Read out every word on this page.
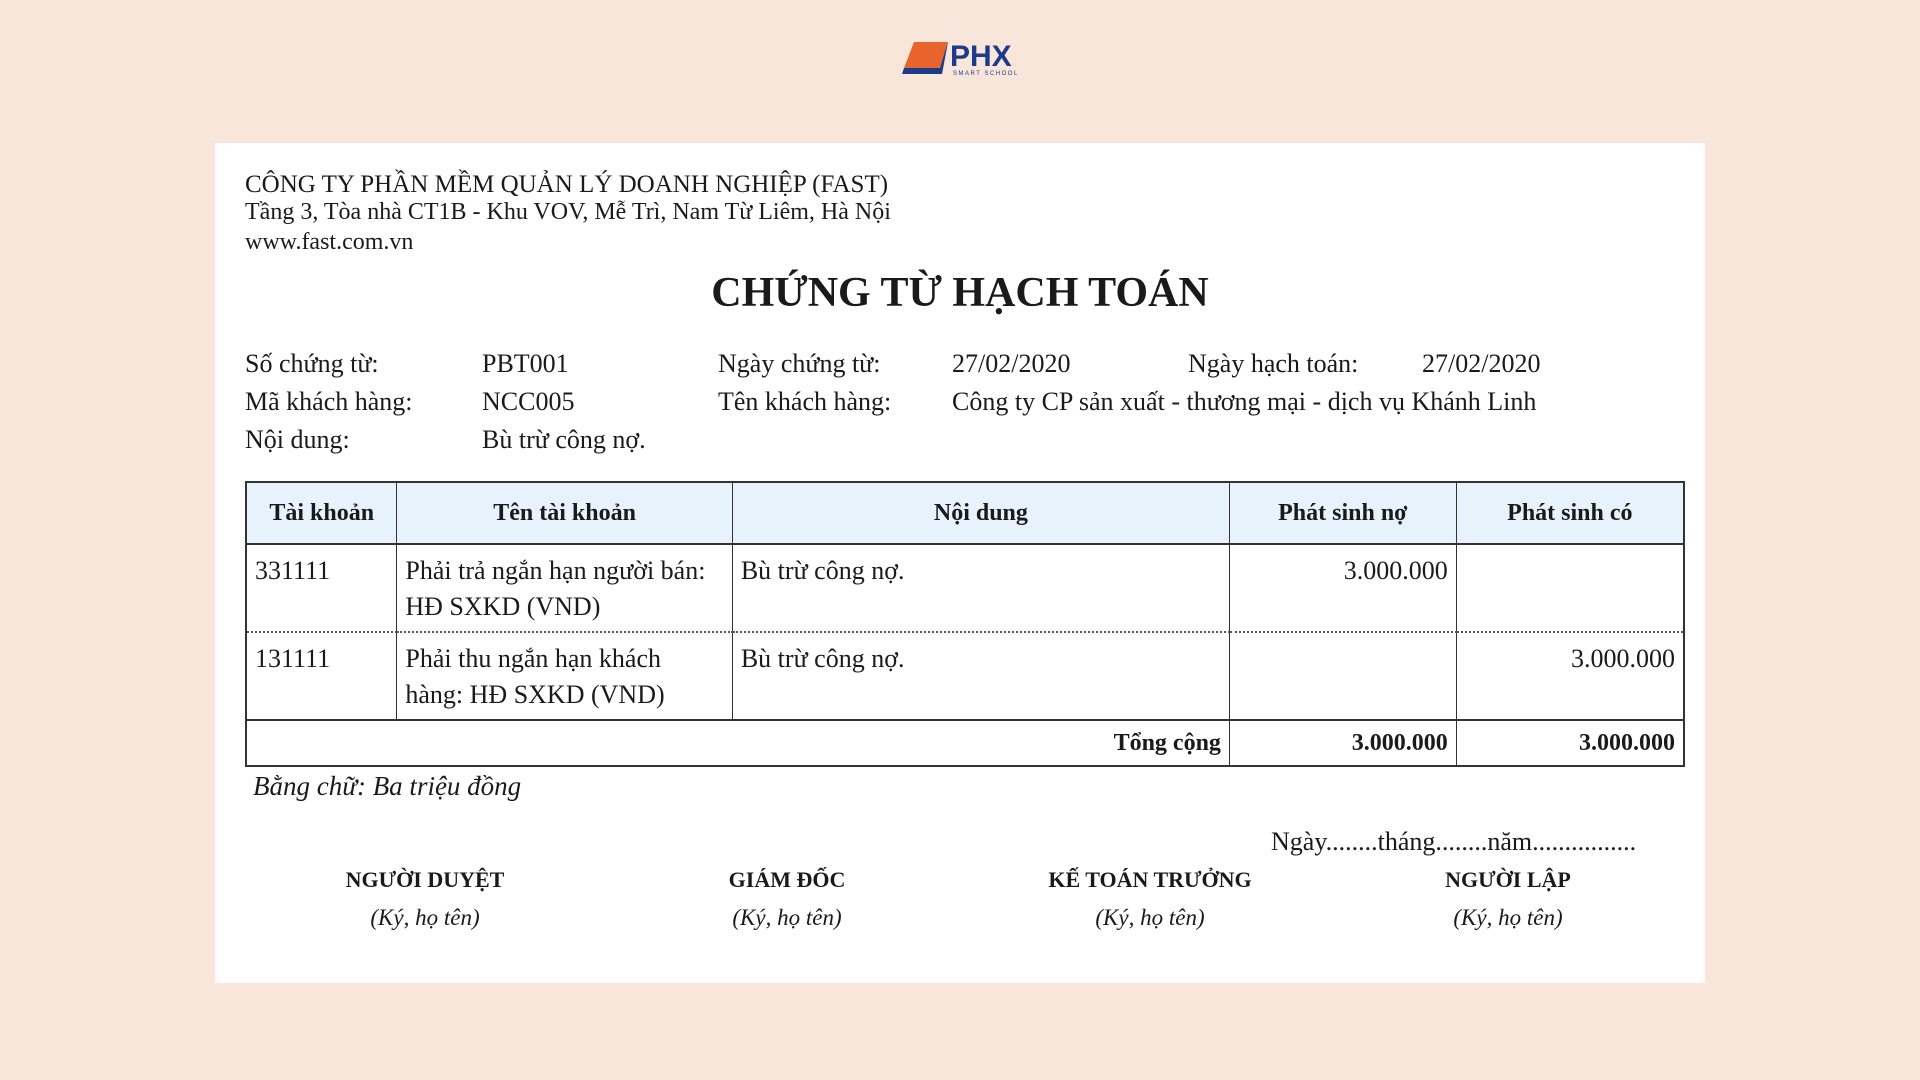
PHX
SMART SCHOOL
CÔNG TY PHẦN MỀM QUẢN LÝ DOANH NGHIỆP (FAST)
Tầng 3, Tòa nhà CT1B - Khu VOV, Mễ Trì, Nam Từ Liêm, Hà Nội
www.fast.com.vn
CHỨNG TỪ HẠCH TOÁN
Số chứng từ:	PBT001	Ngày chứng từ:	27/02/2020	Ngày hạch toán: 27/02/2020
Mã khách hàng:	NCC005	Tên khách hàng: Công ty CP sản xuất - thương mại - dịch vụ Khánh Linh
Nội dung:	Bù trừ công nợ.
Tài khoản	Tên tài khoản	Nội dung	Phát sinh nợ	Phát sinh có
331111	Phải trả ngắn hạn người bán: HĐ SXKD (VND)	Bù trừ công nợ.	3.000.000	
131111	Phải thu ngắn hạn khách hàng: HĐ SXKD (VND)	Bù trừ công nợ.		3.000.000
Tổng cộng			3.000.000	3.000.000
Bằng chữ: Ba triệu đồng
Ngày........tháng........năm................
NGƯỜI DUYỆT
(Ký, họ tên)
GIÁM ĐỐC
(Ký, họ tên)
KẾ TOÁN TRƯỞNG
(Ký, họ tên)
NGƯỜI LẬP
(Ký, họ tên)
